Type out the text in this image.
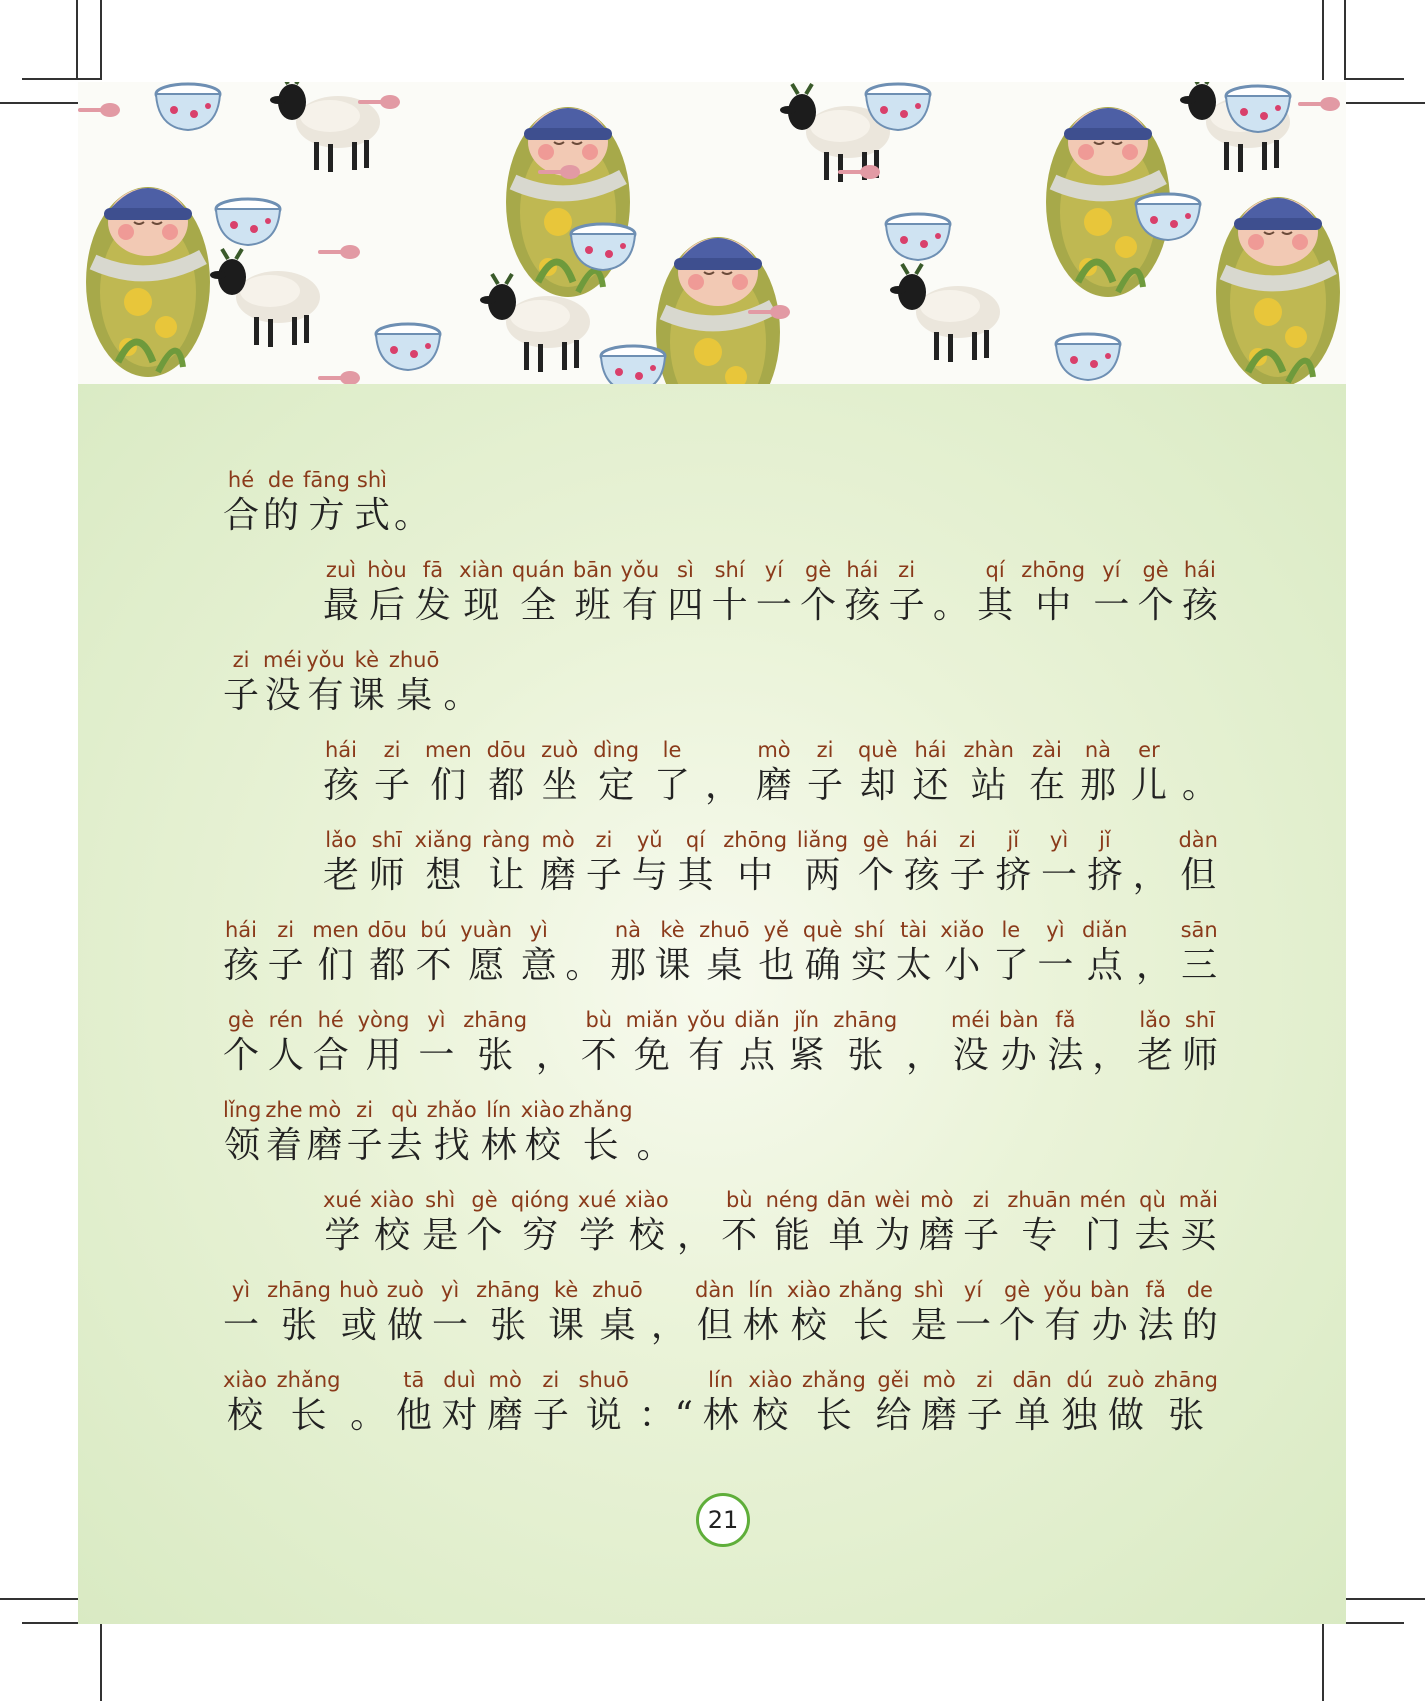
hé
合
de
的
fāng
方
shì
式 。
zuì
最
hòu
后
fā
发
xiàn
现
quán
全
bān
班
yǒu
有
sì
四
shí
十
yí
一
gè
个
hái
孩
zi
子 。
qí
其
zhōng
中
yí
一
gè
个
hái
孩
zi
子
méi
没
yǒu
有
kè
课
zhuō
桌 。
hái
孩
zi
子
men
们
dōu
都
zuò
坐
dìng
定
le
了 ，
mò
磨
zi
子
què
却
hái
还
zhàn
站
zài
在
nà
那
er
儿 。
lǎo
老
shī
师
xiǎng
想
ràng
让
mò
磨
zi
子
yǔ
与
qí
其
zhōng
中
liǎng
两
gè
个
hái
孩
zi
子
jǐ
挤
yì
一
jǐ
挤 ，
dàn
但
hái
孩
zi
子
men
们
dōu
都
bú
不
yuàn
愿
yì
意 。
nà
那
kè
课
zhuō
桌
yě
也
què
确
shí
实
tài
太
xiǎo
小
le
了
yì
一
diǎn
点 ，
sān
三
gè
个
rén
人
hé
合
yòng
用
yì
一
zhāng
张 ，
bù
不
miǎn
免
yǒu
有
diǎn
点
jǐn
紧
zhāng
张 ，
méi
没
bàn
办
fǎ
法 ，
lǎo
老
shī
师
lǐng
领
zhe
着
mò
磨
zi
子
qù
去
zhǎo
找
lín
林
xiào
校
zhǎng
长 。
xué
学
xiào
校
shì
是
gè
个
qióng
穷
xué
学
xiào
校 ，
bù
不
néng
能
dān
单
wèi
为
mò
磨
zi
子
zhuān
专
mén
门
qù
去
mǎi
买
yì
一
zhāng
张
huò
或
zuò
做
yì
一
zhāng
张
kè
课
zhuō
桌 ，
dàn
但
lín
林
xiào
校
zhǎng
长
shì
是
yí
一
gè
个
yǒu
有
bàn
办
fǎ
法
de
的
xiào
校
zhǎng
长 。
tā
他
duì
对
mò
磨
zi
子
shuō
说 ：“
lín
林
xiào
校
zhǎng
长
gěi
给
mò
磨
zi
子
dān
单
dú
独
zuò
做
zhāng
张
21
